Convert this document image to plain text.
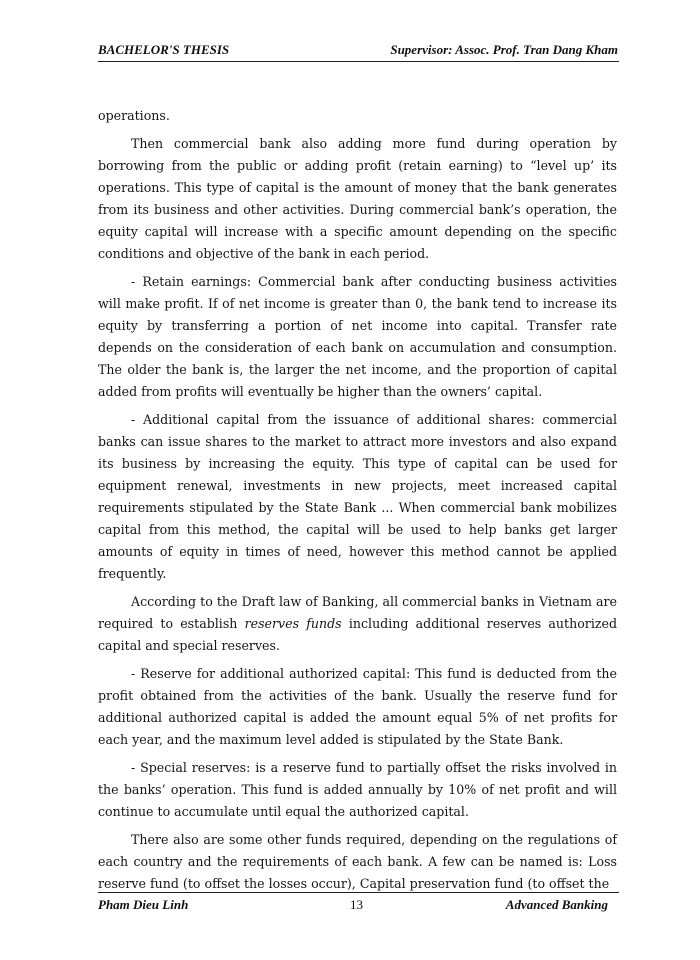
BACHELOR'S THESIS	Supervisor: Assoc. Prof. Tran Dang Kham

operations.

Then commercial bank also adding more fund during operation by borrowing from the public or adding profit (retain earning) to “level up’ its operations. This type of capital is the amount of money that the bank generates from its business and other activities. During commercial bank’s operation, the equity capital will increase with a specific amount depending on the specific conditions and objective of the bank in each period.

- Retain earnings: Commercial bank after conducting business activities will make profit. If of net income is greater than 0, the bank tend to increase its equity by transferring a portion of net income into capital. Transfer rate depends on the consideration of each bank on accumulation and consumption. The older the bank is, the larger the net income, and the proportion of capital added from profits will eventually be higher than the owners’ capital.

- Additional capital from the issuance of additional shares: commercial banks can issue shares to the market to attract more investors and also expand its business by increasing the equity. This type of capital can be used for equipment renewal, investments in new projects, meet increased capital requirements stipulated by the State Bank ... When commercial bank mobilizes capital from this method, the capital will be used to help banks get larger amounts of equity in times of need, however this method cannot be applied frequently.

According to the Draft law of Banking, all commercial banks in Vietnam are required to establish reserves funds including additional reserves authorized capital and special reserves.

- Reserve for additional authorized capital: This fund is deducted from the profit obtained from the activities of the bank. Usually the reserve fund for additional authorized capital is added the amount equal 5% of net profits for each year, and the maximum level added is stipulated by the State Bank.

- Special reserves: is a reserve fund to partially offset the risks involved in the banks’ operation. This fund is added annually by 10% of net profit and will continue to accumulate until equal the authorized capital.

There also are some other funds required, depending on the regulations of each country and the requirements of each bank. A few can be named is: Loss reserve fund (to offset the losses occur), Capital preservation fund (to offset the

Pham Dieu Linh	13	Advanced Banking
